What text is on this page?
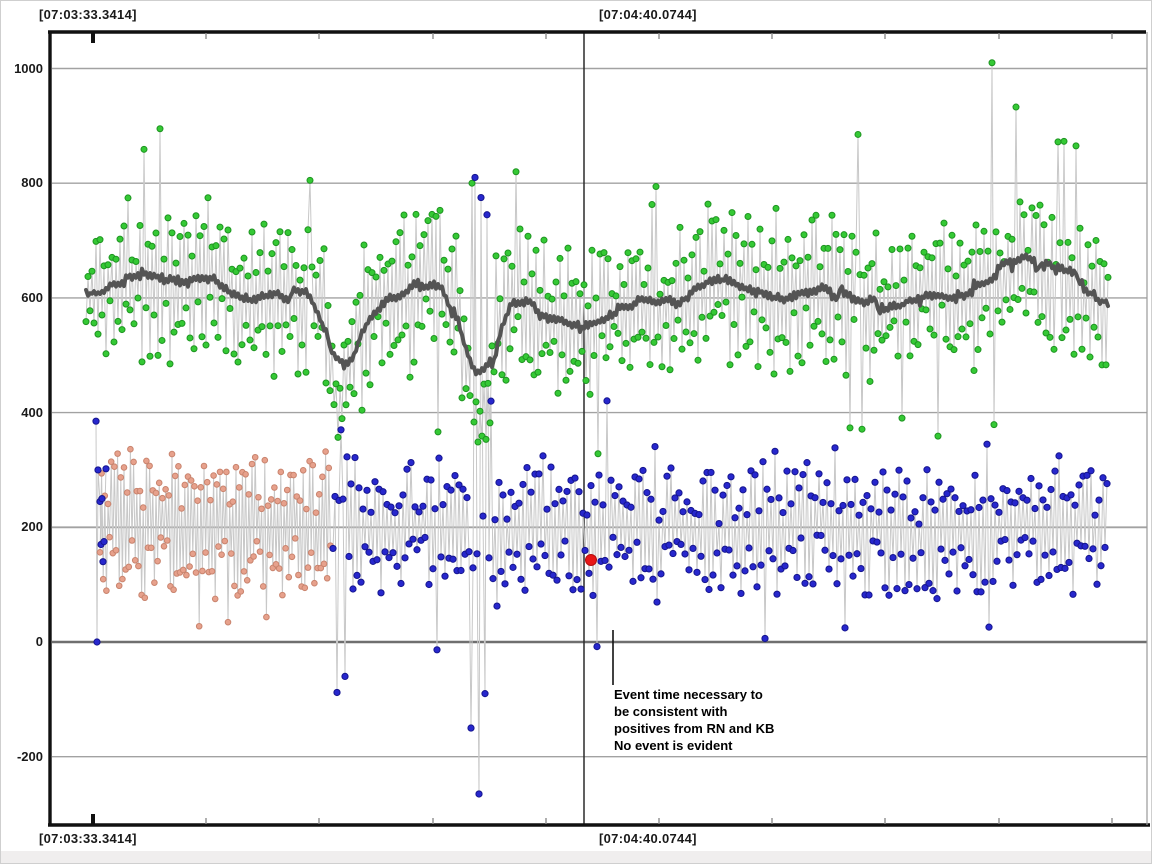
[07:03:33.3414]	[07:04:40.0744]
1000
800
600
400
200
0
-200
Event time necessary to
be consistent with
positives from RN and KB
No event is evident
[07:03:33.3414]	[07:04:40.0744]
